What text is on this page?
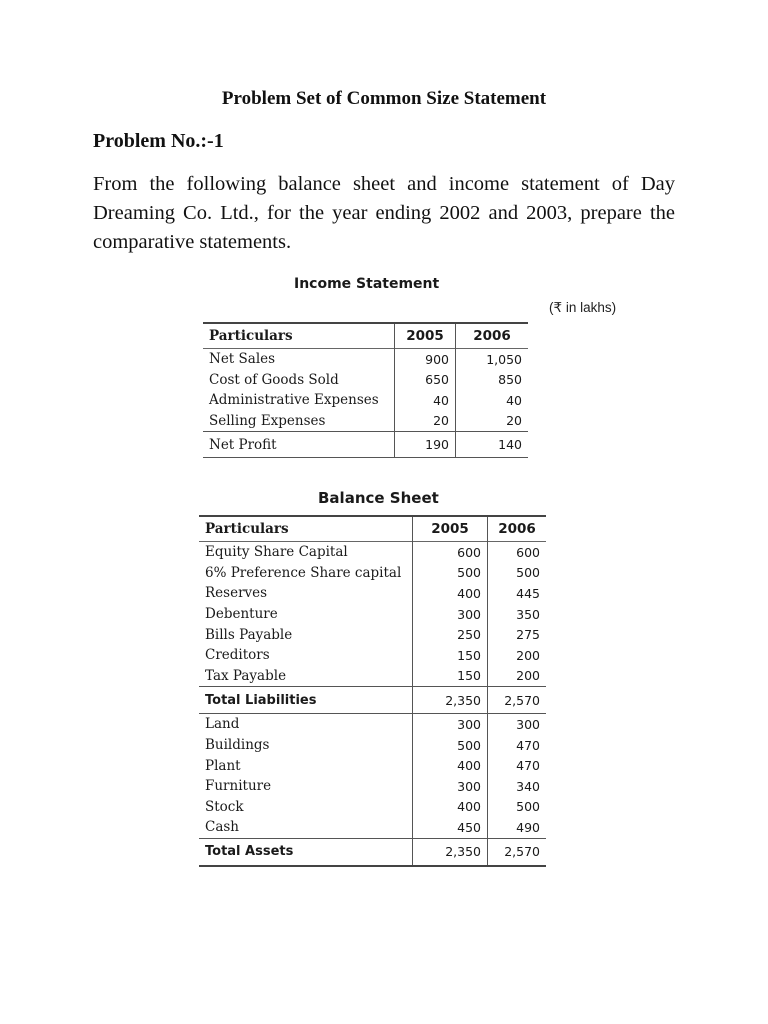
Problem Set of Common Size Statement
Problem No.:-1
From the following balance sheet and income statement of Day Dreaming Co. Ltd., for the year ending 2002 and 2003, prepare the comparative statements.
Income Statement
(₹ in lakhs)
Particulars	2005	2006
Net Sales	900	1,050
Cost of Goods Sold	650	850
Administrative Expenses	40	40
Selling Expenses	20	20
Net Profit	190	140
Balance Sheet
Particulars	2005	2006
Equity Share Capital	600	600
6% Preference Share capital	500	500
Reserves	400	445
Debenture	300	350
Bills Payable	250	275
Creditors	150	200
Tax Payable	150	200
Total Liabilities	2,350	2,570
Land	300	300
Buildings	500	470
Plant	400	470
Furniture	300	340
Stock	400	500
Cash	450	490
Total Assets	2,350	2,570
